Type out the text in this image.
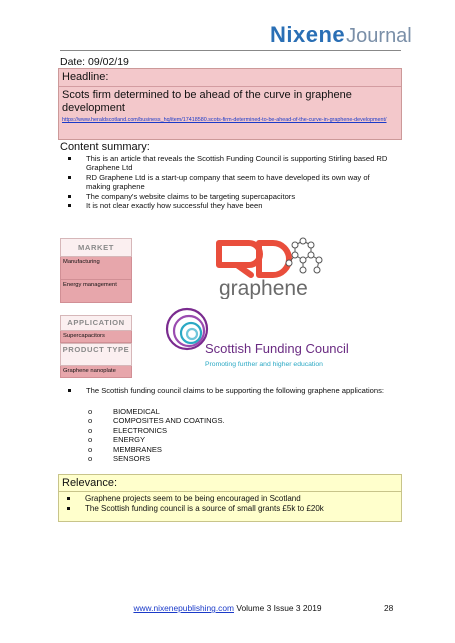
NixeneJournal
Date: 09/02/19
Headline:
Scots firm determined to be ahead of the curve in graphene development
https://www.heraldscotland.com/business_hq/item/17418580.scots-firm-determined-to-be-ahead-of-the-curve-in-graphene-development/
Content summary:
This is an article that reveals the Scottish Funding Council is supporting Stirling based RD Graphene Ltd
RD Graphene Ltd is a start-up company that seem to have developed its own way of making graphene
The company's website claims to be targeting supercapacitors
It is not clear exactly how successful they have been
MARKET
Manufacturing
Energy management
APPLICATION
Supercapacitors
PRODUCT TYPE
Graphene nanoplate
graphene
Scottish Funding Council
Promoting further and higher education
The Scottish funding council claims to be supporting the following graphene applications:
o BIOMEDICAL
o COMPOSITES AND COATINGS.
o ELECTRONICS
o ENERGY
o MEMBRANES
o SENSORS
Relevance:
Graphene projects seem to be being encouraged in Scotland
The Scottish funding council is a source of small grants £5k to £20k
www.nixenepublishing.com Volume 3 Issue 3 2019	28
